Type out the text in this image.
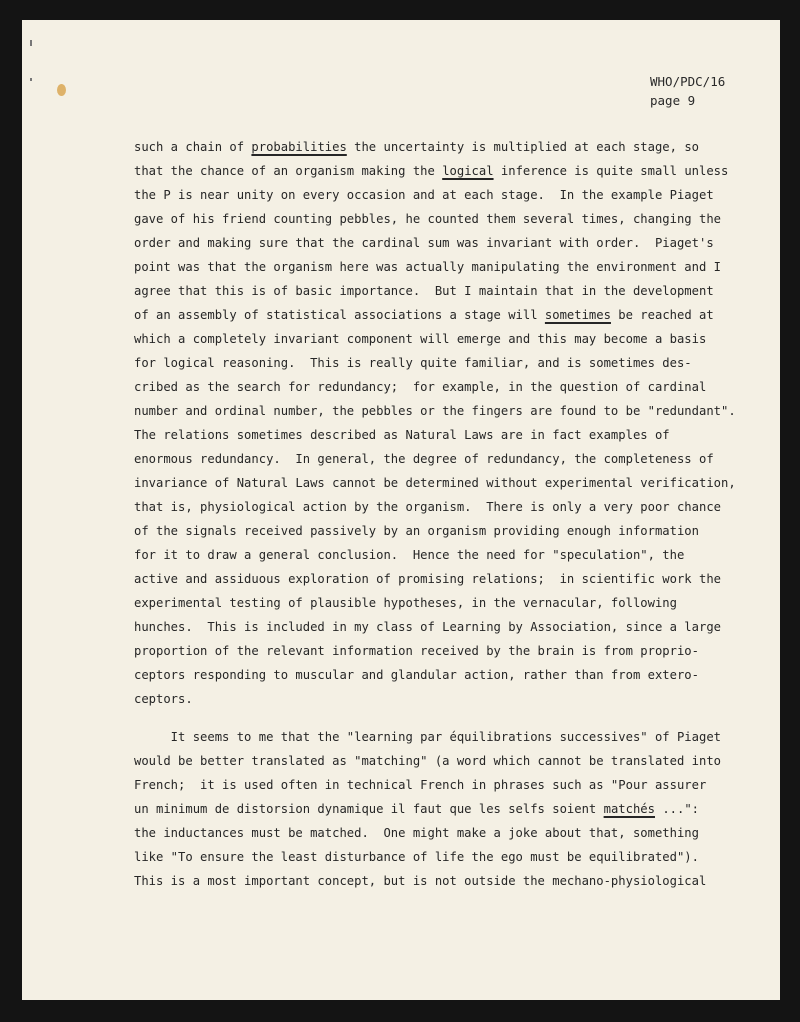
WHO/PDC/16
page 9
such a chain of probabilities the uncertainty is multiplied at each stage, so
that the chance of an organism making the logical inference is quite small unless
the P is near unity on every occasion and at each stage.  In the example Piaget
gave of his friend counting pebbles, he counted them several times, changing the
order and making sure that the cardinal sum was invariant with order.  Piaget's
point was that the organism here was actually manipulating the environment and I
agree that this is of basic importance.  But I maintain that in the development
of an assembly of statistical associations a stage will sometimes be reached at
which a completely invariant component will emerge and this may become a basis
for logical reasoning.  This is really quite familiar, and is sometimes des-
cribed as the search for redundancy;  for example, in the question of cardinal
number and ordinal number, the pebbles or the fingers are found to be "redundant".
The relations sometimes described as Natural Laws are in fact examples of
enormous redundancy.  In general, the degree of redundancy, the completeness of
invariance of Natural Laws cannot be determined without experimental verification,
that is, physiological action by the organism.  There is only a very poor chance
of the signals received passively by an organism providing enough information
for it to draw a general conclusion.  Hence the need for "speculation", the
active and assiduous exploration of promising relations;  in scientific work the
experimental testing of plausible hypotheses, in the vernacular, following
hunches.  This is included in my class of Learning by Association, since a large
proportion of the relevant information received by the brain is from proprio-
ceptors responding to muscular and glandular action, rather than from extero-
ceptors.
It seems to me that the "learning par équilibrations successives" of Piaget
would be better translated as "matching" (a word which cannot be translated into
French;  it is used often in technical French in phrases such as "Pour assurer
un minimum de distorsion dynamique il faut que les selfs soient matchés ...":
the inductances must be matched.  One might make a joke about that, something
like "To ensure the least disturbance of life the ego must be equilibrated").
This is a most important concept, but is not outside the mechano-physiological
